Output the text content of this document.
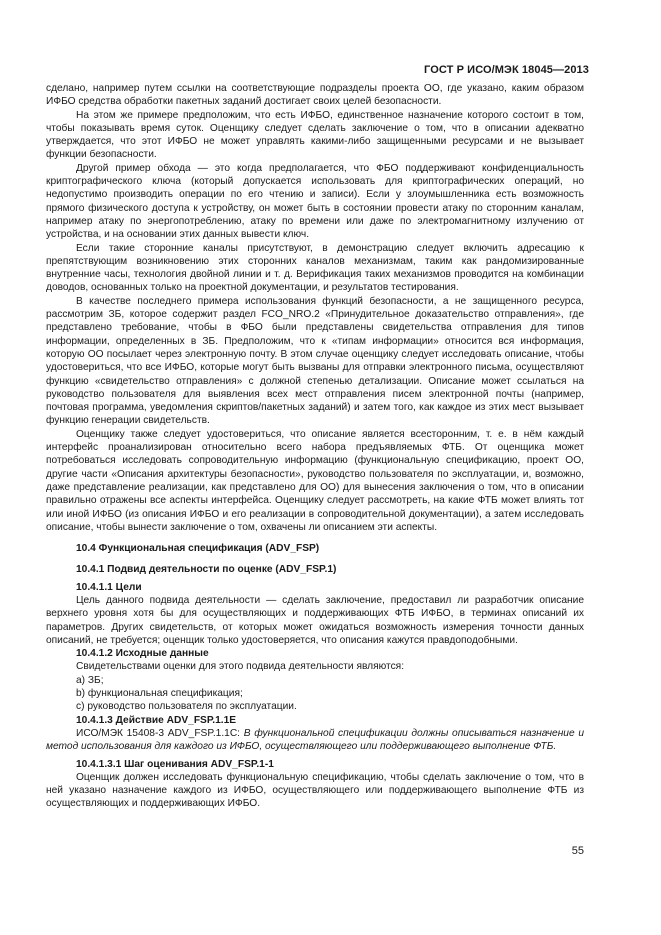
ГОСТ Р ИСО/МЭК 18045—2013

сделано, например путем ссылки на соответствующие подразделы проекта ОО, где указано, каким образом ИФБО средства обработки пакетных заданий достигает своих целей безопасности.

На этом же примере предположим, что есть ИФБО, единственное назначение которого состоит в том, чтобы показывать время суток. Оценщику следует сделать заключение о том, что в описании адекватно утверждается, что этот ИФБО не может управлять какими-либо защищенными ресурсами и не вызывает функции безопасности.

Другой пример обхода — это когда предполагается, что ФБО поддерживают конфиденциальность криптографического ключа (который допускается использовать для криптографических операций, но недопустимо производить операции по его чтению и записи). Если у злоумышленника есть возможность прямого физического доступа к устройству, он может быть в состоянии провести атаку по сторонним каналам, например атаку по энергопотреблению, атаку по времени или даже по электромагнитному излучению от устройства, и на основании этих данных вывести ключ.

Если такие сторонние каналы присутствуют, в демонстрацию следует включить адресацию к препятствующим возникновению этих сторонних каналов механизмам, таким как рандомизированные внутренние часы, технология двойной линии и т. д. Верификация таких механизмов проводится на комбинации доводов, основанных только на проектной документации, и результатов тестирования.

В качестве последнего примера использования функций безопасности, а не защищенного ресурса, рассмотрим ЗБ, которое содержит раздел FCO_NRO.2 «Принудительное доказательство отправления», где представлено требование, чтобы в ФБО были представлены свидетельства отправления для типов информации, определенных в ЗБ. Предположим, что к «типам информации» относится вся информация, которую ОО посылает через электронную почту. В этом случае оценщику следует исследовать описание, чтобы удостовериться, что все ИФБО, которые могут быть вызваны для отправки электронного письма, осуществляют функцию «свидетельство отправления» с должной степенью детализации. Описание может ссылаться на руководство пользователя для выявления всех мест отправления писем электронной почты (например, почтовая программа, уведомления скриптов/пакетных заданий) и затем того, как каждое из этих мест вызывает функцию генерации свидетельств.

Оценщику также следует удостовериться, что описание является всесторонним, т. е. в нём каждый интерфейс проанализирован относительно всего набора предъявляемых ФТБ. От оценщика может потребоваться исследовать сопроводительную информацию (функциональную спецификацию, проект ОО, другие части «Описания архитектуры безопасности», руководство пользователя по эксплуатации, и, возможно, даже представление реализации, как представлено для ОО) для вынесения заключения о том, что в описании правильно отражены все аспекты интерфейса. Оценщику следует рассмотреть, на какие ФТБ может влиять тот или иной ИФБО (из описания ИФБО и его реализации в сопроводительной документации), а затем исследовать описание, чтобы вынести заключение о том, охвачены ли описанием эти аспекты.

10.4 Функциональная спецификация (ADV_FSP)

10.4.1 Подвид деятельности по оценке (ADV_FSP.1)

10.4.1.1 Цели

Цель данного подвида деятельности — сделать заключение, предоставил ли разработчик описание верхнего уровня хотя бы для осуществляющих и поддерживающих ФТБ ИФБО, в терминах описаний их параметров. Других свидетельств, от которых может ожидаться возможность измерения точности данных описаний, не требуется; оценщик только удостоверяется, что описания кажутся правдоподобными.

10.4.1.2 Исходные данные

Свидетельствами оценки для этого подвида деятельности являются:

a) ЗБ;

b) функциональная спецификация;

c) руководство пользователя по эксплуатации.

10.4.1.3 Действие ADV_FSP.1.1E

ИСО/МЭК 15408-3 ADV_FSP.1.1C: В функциональной спецификации должны описываться назначение и метод использования для каждого из ИФБО, осуществляющего или поддерживающего выполнение ФТБ.

10.4.1.3.1 Шаг оценивания ADV_FSP.1-1

Оценщик должен исследовать функциональную спецификацию, чтобы сделать заключение о том, что в ней указано назначение каждого из ИФБО, осуществляющего или поддерживающего выполнение ФТБ из осуществляющих и поддерживающих ИФБО.

55
